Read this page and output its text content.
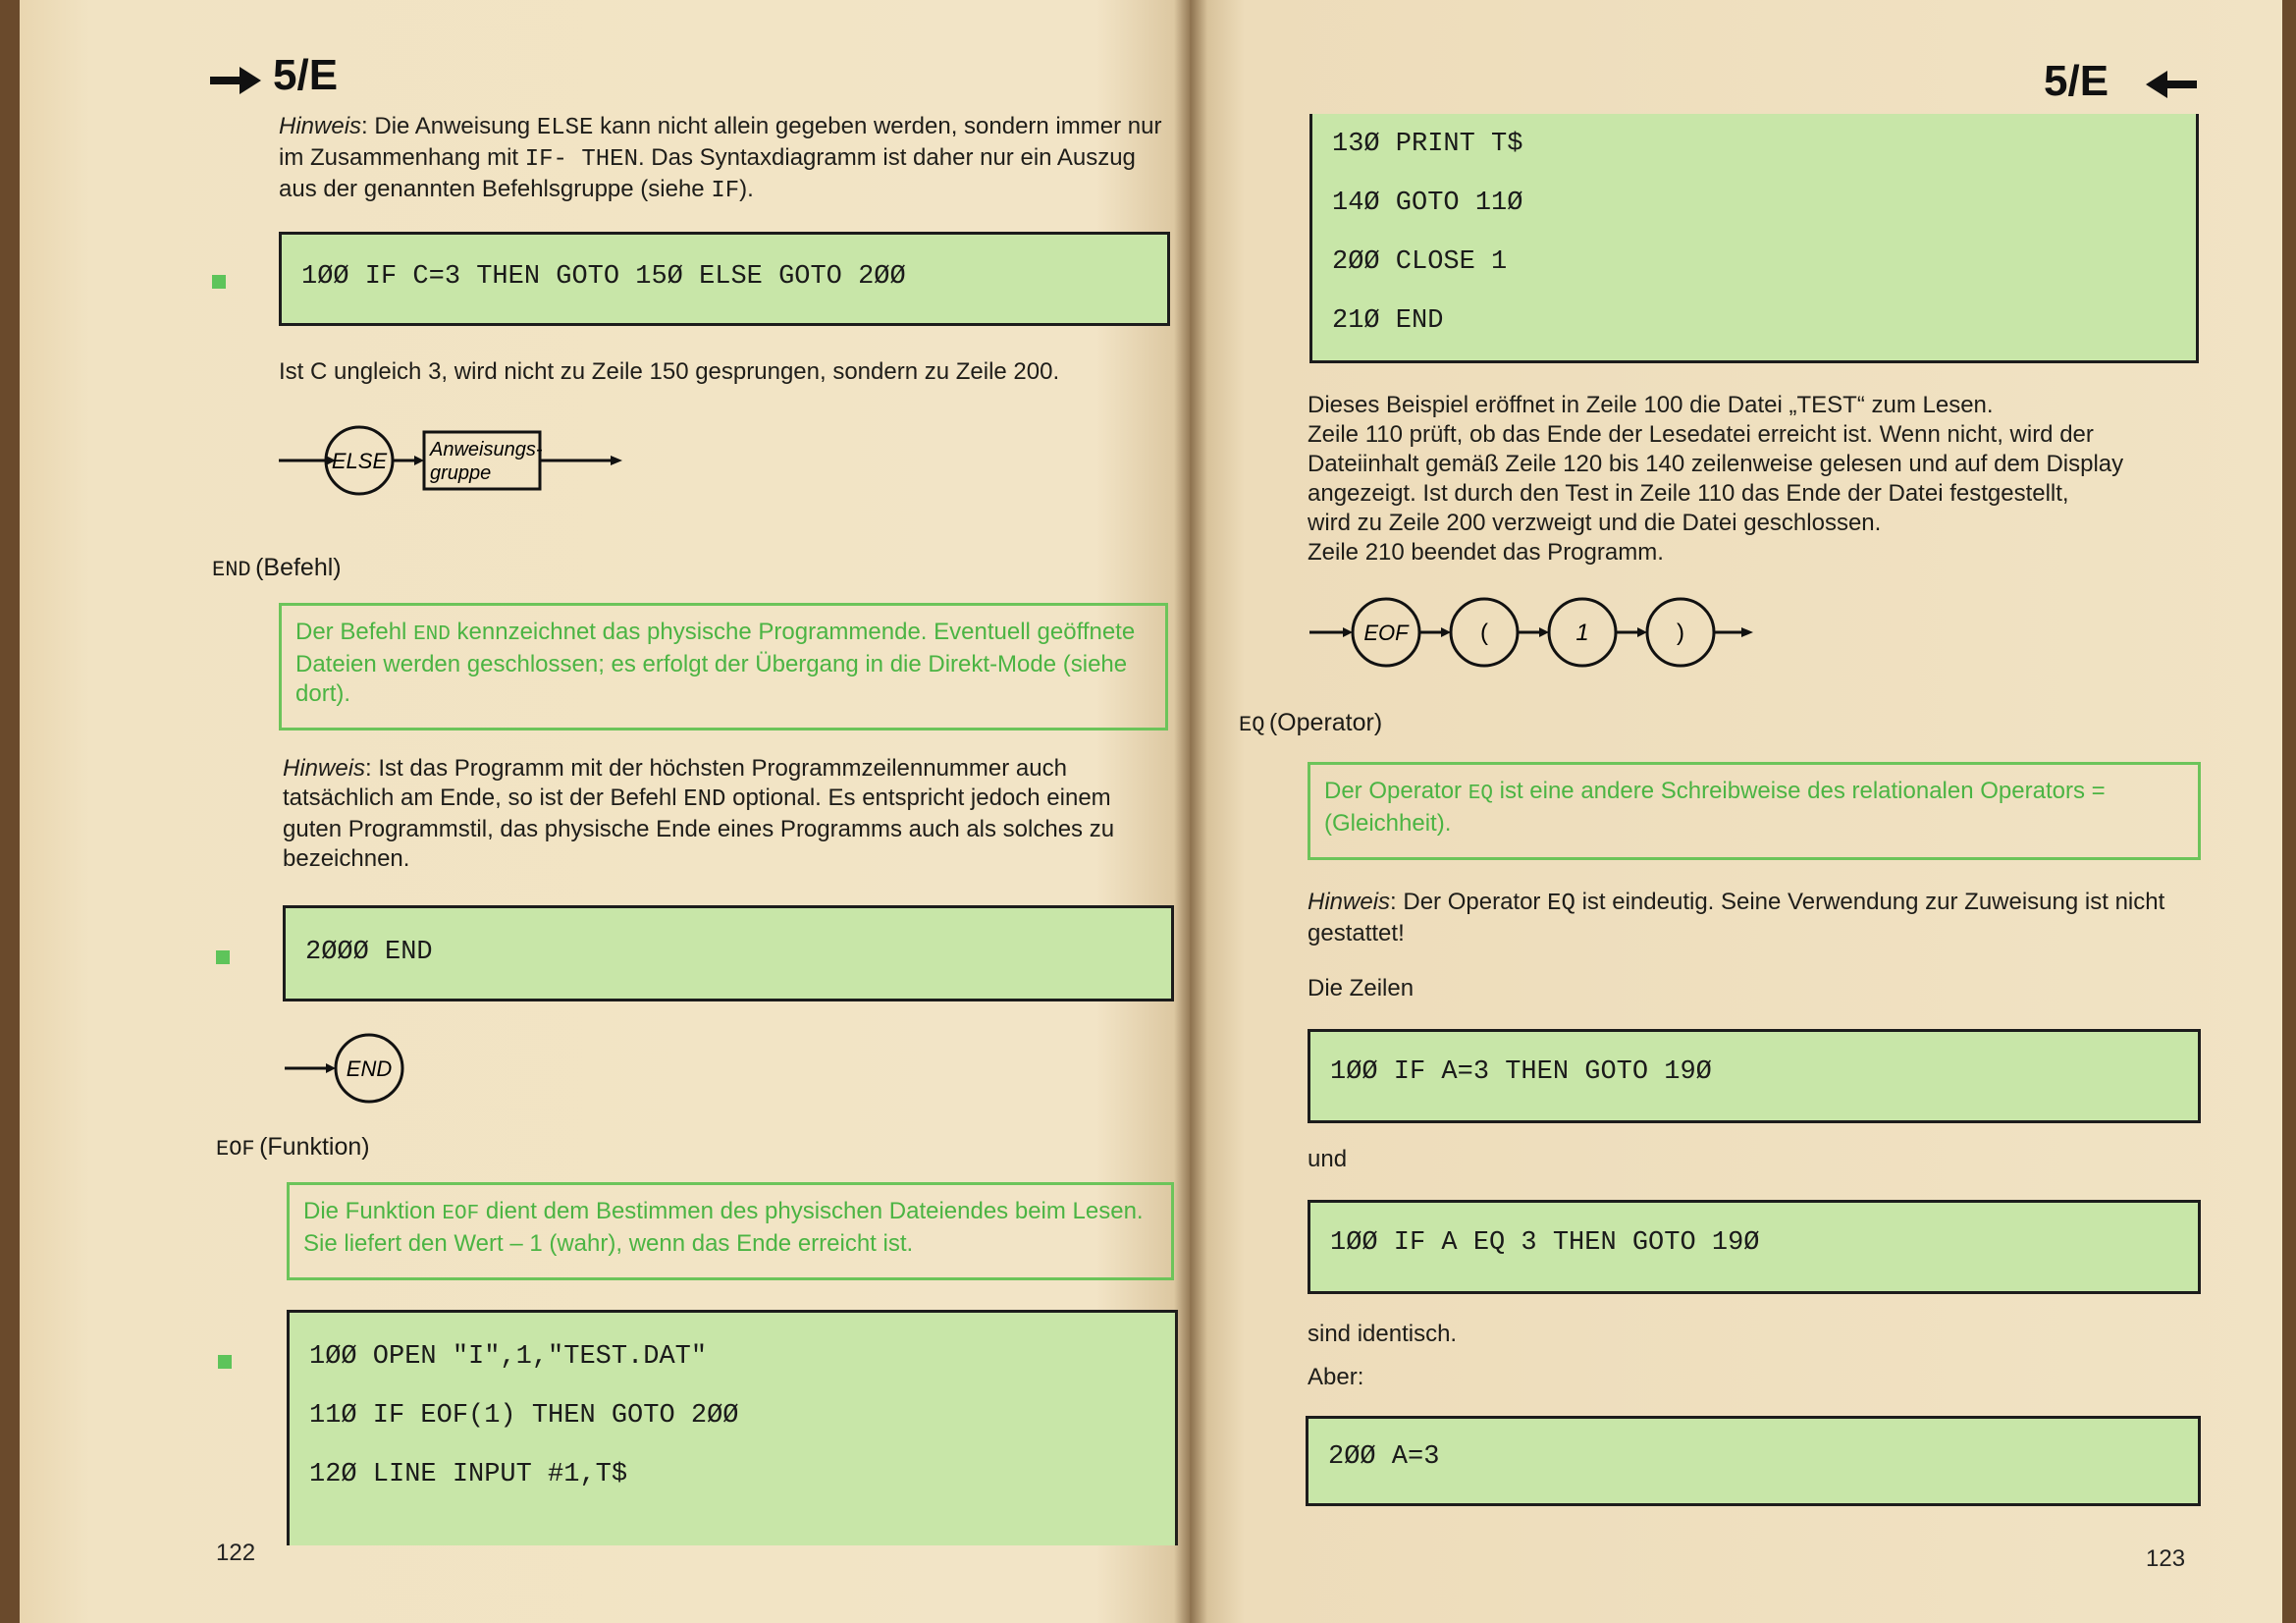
5/E
Hinweis: Die Anweisung ELSE kann nicht allein gegeben werden, sondern immer nur im Zusammenhang mit IF- THEN. Das Syntaxdiagramm ist daher nur ein Auszug aus der genannten Befehlsgruppe (siehe IF).
1ØØ IF C=3 THEN GOTO 15Ø ELSE GOTO 2ØØ
Ist C ungleich 3, wird nicht zu Zeile 150 gesprungen, sondern zu Zeile 200.
ELSE Anweisungs-
gruppe
END (Befehl)
Der Befehl END kennzeichnet das physische Programmende. Eventuell geöffnete Dateien werden geschlossen; es erfolgt der Übergang in die Direkt-Mode (siehe dort).
Hinweis: Ist das Programm mit der höchsten Programmzeilennummer auch tatsächlich am Ende, so ist der Befehl END optional. Es entspricht jedoch einem guten Programmstil, das physische Ende eines Programms auch als solches zu bezeichnen.
2ØØØ END
END
EOF (Funktion)
Die Funktion EOF dient dem Bestimmen des physischen Dateiendes beim Lesen. Sie liefert den Wert – 1 (wahr), wenn das Ende erreicht ist.
1ØØ OPEN "I",1,"TEST.DAT"
11Ø IF EOF(1) THEN GOTO 2ØØ
12Ø LINE INPUT #1,T$
122
5/E
13Ø PRINT T$
14Ø GOTO 11Ø
2ØØ CLOSE 1
21Ø END
Dieses Beispiel eröffnet in Zeile 100 die Datei „TEST“ zum Lesen.
Zeile 110 prüft, ob das Ende der Lesedatei erreicht ist. Wenn nicht, wird der
Dateiinhalt gemäß Zeile 120 bis 140 zeilenweise gelesen und auf dem Display
angezeigt. Ist durch den Test in Zeile 110 das Ende der Datei festgestellt,
wird zu Zeile 200 verzweigt und die Datei geschlossen.
Zeile 210 beendet das Programm.
EOF	(	1	)
EQ (Operator)
Der Operator EQ ist eine andere Schreibweise des relationalen Operators = (Gleichheit).
Hinweis: Der Operator EQ ist eindeutig. Seine Verwendung zur Zuweisung ist nicht gestattet!
Die Zeilen
1ØØ IF A=3 THEN GOTO 19Ø
und
1ØØ IF A EQ 3 THEN GOTO 19Ø
sind identisch.
Aber:
2ØØ A=3
123
